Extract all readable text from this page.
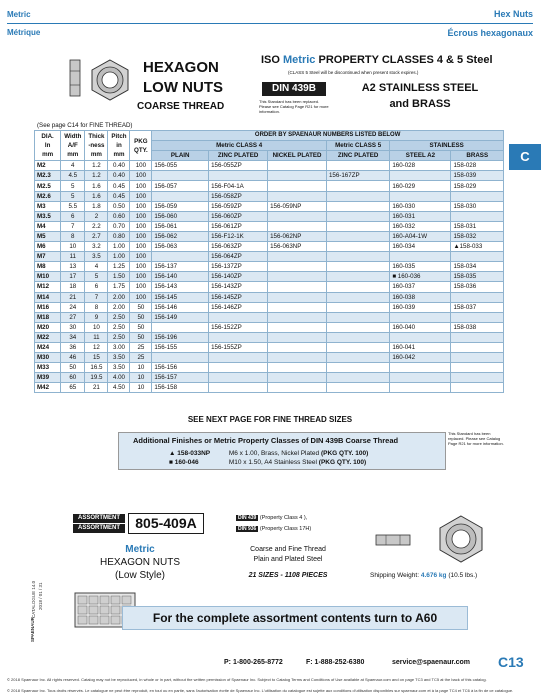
Metric	Hex Nuts
Métrique	Écrous hexagonaux
HEXAGON
LOW NUTS
COARSE THREAD
ISO Metric PROPERTY CLASSES 4 & 5 Steel
(CLASS 5 Steel will be discontinued when present stock expires.)
DIN 439B
This Standard has been replaced. Please see Catalog Page R21 for more information.
A2 STAINLESS STEEL
and BRASS
(See page C14 for FINE THREAD)
C
DIA.
In
mm	Width
A/F
mm	Thick
-ness
mm	Pitch
in
mm	PKG
QTY.	ORDER BY SPAENAUR NUMBERS LISTED BELOW					
					Metric CLASS 4			Metric CLASS 5	STAINLESS	
					PLAIN	ZINC PLATED	NICKEL PLATED	ZINC PLATED	STEEL A2	BRASS
M2	4	1.2	0.40	100	156-055	156-055ZP			160-028	158-028
M2.3	4.5	1.2	0.40	100				156-167ZP		158-039
M2.5	5	1.6	0.45	100	156-057	156-F04-1A			160-029	158-029
M2.6	5	1.6	0.45	100		156-058ZP				
M3	5.5	1.8	0.50	100	156-059	156-059ZP	156-059NP		160-030	158-030
M3.5	6	2	0.60	100	156-060	156-060ZP			160-031	
M4	7	2.2	0.70	100	156-061	156-061ZP			160-032	158-031
M5	8	2.7	0.80	100	156-062	156-F12-1K	156-062NP		160-A04-1W	158-032
M6	10	3.2	1.00	100	156-063	156-063ZP	156-063NP		160-034	▲158-033
M7	11	3.5	1.00	100		156-064ZP				
M8	13	4	1.25	100	156-137	156-137ZP			160-035	158-034
M10	17	5	1.50	100	156-140	156-140ZP			■ 160-036	158-035
M12	18	6	1.75	100	156-143	156-143ZP			160-037	158-036
M14	21	7	2.00	100	156-145	156-145ZP			160-038	
M16	24	8	2.00	50	156-146	156-146ZP			160-039	158-037
M18	27	9	2.50	50	156-149					
M20	30	10	2.50	50		156-152ZP			160-040	158-038
M22	34	11	2.50	50	156-196					
M24	36	12	3.00	25	156-155	156-155ZP			160-041	
M30	46	15	3.50	25					160-042	
M33	50	16.5	3.50	10	156-156					
M39	60	19.5	4.00	10	156-157					
M42	65	21	4.50	10	156-158					
SEE NEXT PAGE FOR FINE THREAD SIZES
This Standard has been replaced. Please see Catalog Page R21 for more information.
Additional Finishes or Metric Property Classes of DIN 439B Coarse Thread
▲ 158-033NP	M6 x 1.00, Brass, Nickel Plated (PKG QTY. 100)
■ 160-046	M10 x 1.50, A4 Stainless Steel (PKG QTY. 100)
ASSORTMENT
ASSORTMENT	805-409A
Metric
HEXAGON NUTS
(Low Style)
DIN 439 (Property Class 4 ),
DIN 936 (Property Class 17H)
Coarse and Fine Thread
Plain and Plated Steel
21 SIZES - 1108 PIECES	Shipping Weight: 4.676 kg (10.5 lbs.)
For the complete assortment contents turn to A60
CATALOGUE 14.0 2018 / 01 / 31
SPAENAUR
P: 1-800-265-8772	F: 1-888-252-6380	service@spaenaur.com C13
© 2018 Spaenaur Inc. All rights reserved. Catalog may not be reproduced, in whole or in part, without the written permission of Spaenaur Inc. Subject to Catalog Terms and Conditions of Use available at Spaenaur.com and on page TC3 and TC5 at the back of this catalog.
© 2018 Spaenaur Inc. Tous droits réservés. Le catalogue ne peut être reproduit, en tout ou en partie, sans l'autorisation écrite de Spaenaur Inc. L'utilisation du catalogue est sujette aux conditions d'utilisation disponibles sur spaenaur.com et à la page TC4 et TC6 à la fin de ce catalogue.
